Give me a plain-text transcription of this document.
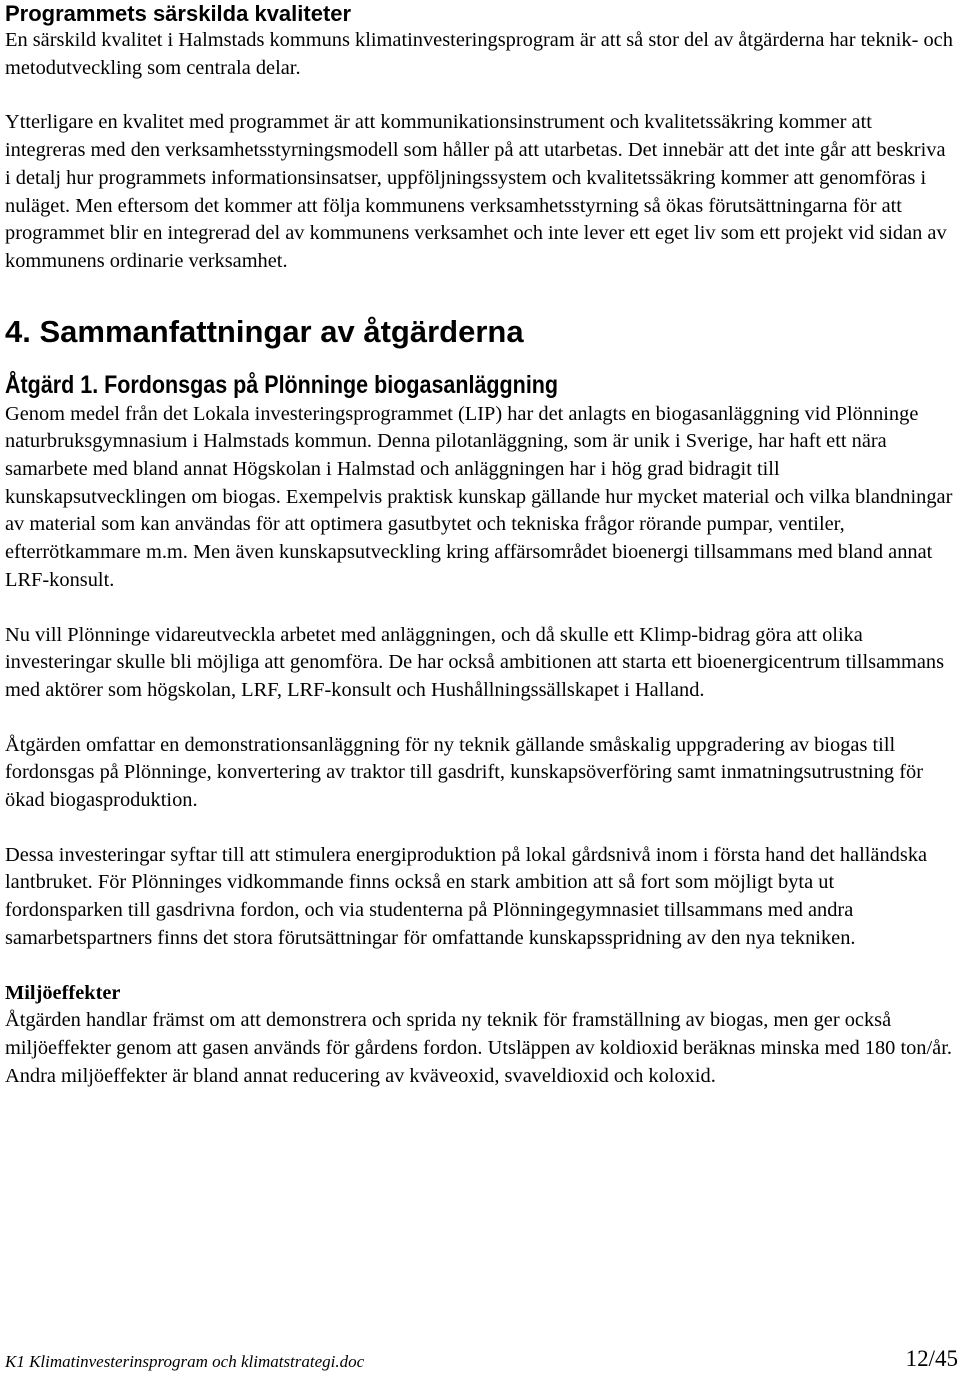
Programmets särskilda kvaliteter

En särskild kvalitet i Halmstads kommuns klimatinvesteringsprogram är att så stor del av åtgärderna har teknik- och metodutveckling som centrala delar.

Ytterligare en kvalitet med programmet är att kommunikationsinstrument och kvalitetssäkring kommer att integreras med den verksamhetsstyrningsmodell som håller på att utarbetas. Det innebär att det inte går att beskriva i detalj hur programmets informationsinsatser, uppföljningssystem och kvalitetssäkring kommer att genomföras i nuläget. Men eftersom det kommer att följa kommunens verksamhetsstyrning så ökas förutsättningarna för att programmet blir en integrerad del av kommunens verksamhet och inte lever ett eget liv som ett projekt vid sidan av kommunens ordinarie verksamhet.

4. Sammanfattningar av åtgärderna
Åtgärd 1. Fordonsgas på Plönninge biogasanläggning

Genom medel från det Lokala investeringsprogrammet (LIP) har det anlagts en biogasanläggning vid Plönninge naturbruksgymnasium i Halmstads kommun. Denna pilotanläggning, som är unik i Sverige, har haft ett nära samarbete med bland annat Högskolan i Halmstad och anläggningen har i hög grad bidragit till kunskapsutvecklingen om biogas. Exempelvis praktisk kunskap gällande hur mycket material och vilka blandningar av material som kan användas för att optimera gasutbytet och tekniska frågor rörande pumpar, ventiler, efterrötkammare m.m. Men även kunskapsutveckling kring affärsområdet bioenergi tillsammans med bland annat LRF-konsult.

Nu vill Plönninge vidareutveckla arbetet med anläggningen, och då skulle ett Klimp-bidrag göra att olika investeringar skulle bli möjliga att genomföra. De har också ambitionen att starta ett bioenergicentrum tillsammans med aktörer som högskolan, LRF, LRF-konsult och Hushållningssällskapet i Halland.

Åtgärden omfattar en demonstrationsanläggning för ny teknik gällande småskalig uppgradering av biogas till fordonsgas på Plönninge, konvertering av traktor till gasdrift, kunskapsöverföring samt inmatningsutrustning för ökad biogasproduktion.

Dessa investeringar syftar till att stimulera energiproduktion på lokal gårdsnivå inom i första hand det halländska lantbruket. För Plönninges vidkommande finns också en stark ambition att så fort som möjligt byta ut fordonsparken till gasdrivna fordon, och via studenterna på Plönningegymnasiet tillsammans med andra samarbetspartners finns det stora förutsättningar för omfattande kunskapsspridning av den nya tekniken.

Miljöeffekter

Åtgärden handlar främst om att demonstrera och sprida ny teknik för framställning av biogas, men ger också miljöeffekter genom att gasen används för gårdens fordon. Utsläppen av koldioxid beräknas minska med 180 ton/år. Andra miljöeffekter är bland annat reducering av kväveoxid, svaveldioxid och koloxid.

K1 Klimatinvesterinsprogram och klimatstrategi.doc	12/45
